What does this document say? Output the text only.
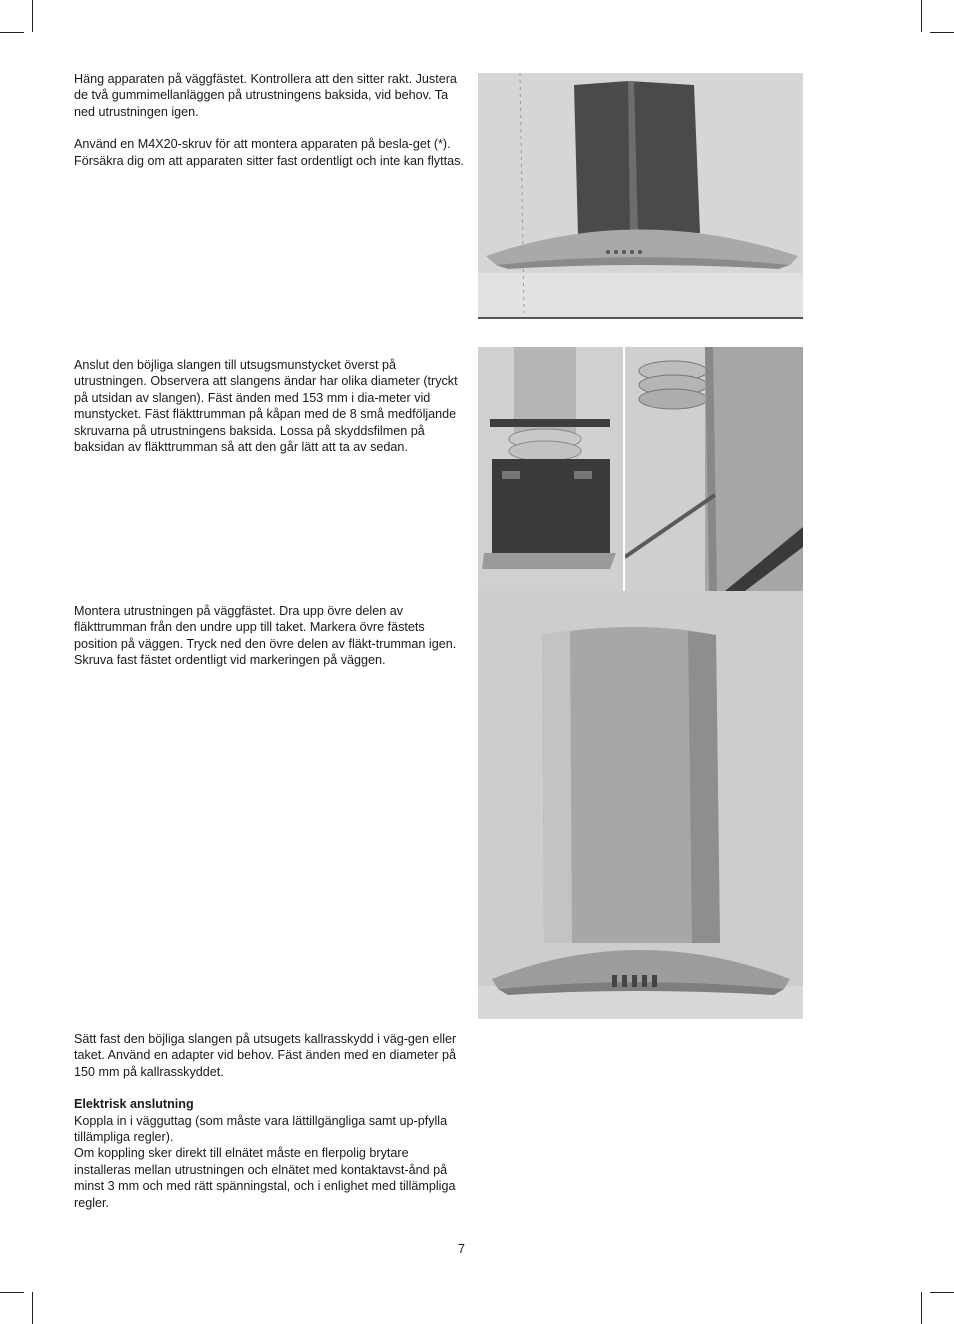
Häng apparaten på väggfästet. Kontrollera att den sitter rakt. Justera de två gummimellanläggen på utrustningens baksida, vid behov. Ta ned utrustningen igen.

Använd en M4X20-skruv för att montera apparaten på besla-get (*). Försäkra dig om att apparaten sitter fast ordentligt och inte kan flyttas.

Anslut den böjliga slangen till utsugsmunstycket överst på utrustningen. Observera att slangens ändar har olika diameter (tryckt på utsidan av slangen). Fäst änden med 153 mm i dia-meter vid munstycket. Fäst fläkttrumman på kåpan med de 8 små medföljande skruvarna på utrustningens baksida. Lossa på skyddsfilmen på baksidan av fläkttrumman så att den går lätt att ta av sedan.

Montera utrustningen på väggfästet. Dra upp övre delen av fläkttrumman från den undre upp till taket. Markera övre fästets position på väggen. Tryck ned den övre delen av fläkt-trumman igen. Skruva fast fästet ordentligt vid markeringen på väggen.

Sätt fast den böjliga slangen på utsugets kallrasskydd i väg-gen eller taket. Använd en adapter vid behov. Fäst änden med en diameter på 150 mm på kallrasskyddet.

Elektrisk anslutning

Koppla in i vägguttag (som måste vara lättillgängliga samt up-pfylla tillämpliga regler).

Om koppling sker direkt till elnätet måste en flerpolig brytare installeras mellan utrustningen och elnätet med kontaktavst-ånd på minst 3 mm och med rätt spänningstal, och i enlighet med tillämpliga regler.

7
